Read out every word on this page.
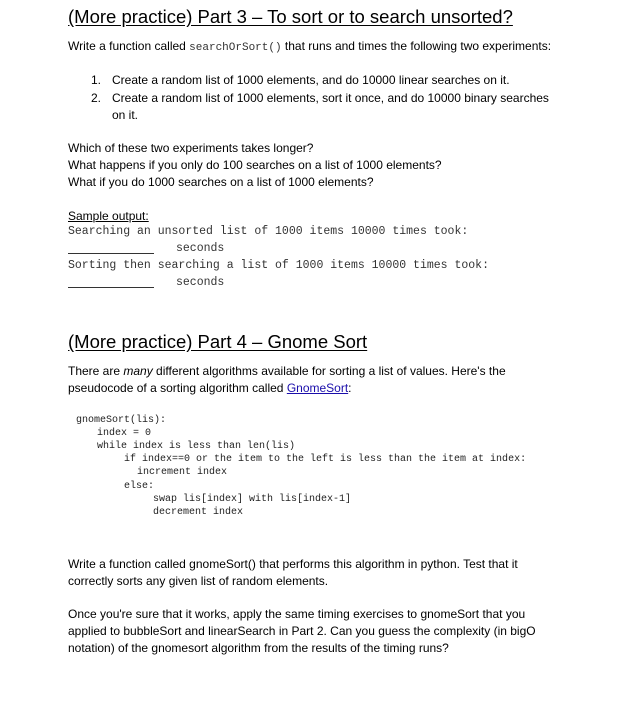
(More practice) Part 3 – To sort or to search unsorted?
Write a function called searchOrSort() that runs and times the following two experiments:
1. Create a random list of 1000 elements, and do 10000 linear searches on it.
2. Create a random list of 1000 elements, sort it once, and do 10000 binary searches
on it.
Which of these two experiments takes longer?
What happens if you only do 100 searches on a list of 1000 elements?
What if you do 1000 searches on a list of 1000 elements?
Sample output:
Searching an unsorted list of 1000 items 10000 times took:
seconds
Sorting then searching a list of 1000 items 10000 times took:
seconds
(More practice) Part 4 – Gnome Sort
There are many different algorithms available for sorting a list of values. Here's the
pseudocode of a sorting algorithm called GnomeSort:
gnomeSort(lis):
index = 0
while index is less than len(lis)
if index==0 or the item to the left is less than the item at index:
increment index
else:
swap lis[index] with lis[index-1]
decrement index
Write a function called gnomeSort() that performs this algorithm in python. Test that it
correctly sorts any given list of random elements.
Once you're sure that it works, apply the same timing exercises to gnomeSort that you
applied to bubbleSort and linearSearch in Part 2. Can you guess the complexity (in bigO
notation) of the gnomesort algorithm from the results of the timing runs?
